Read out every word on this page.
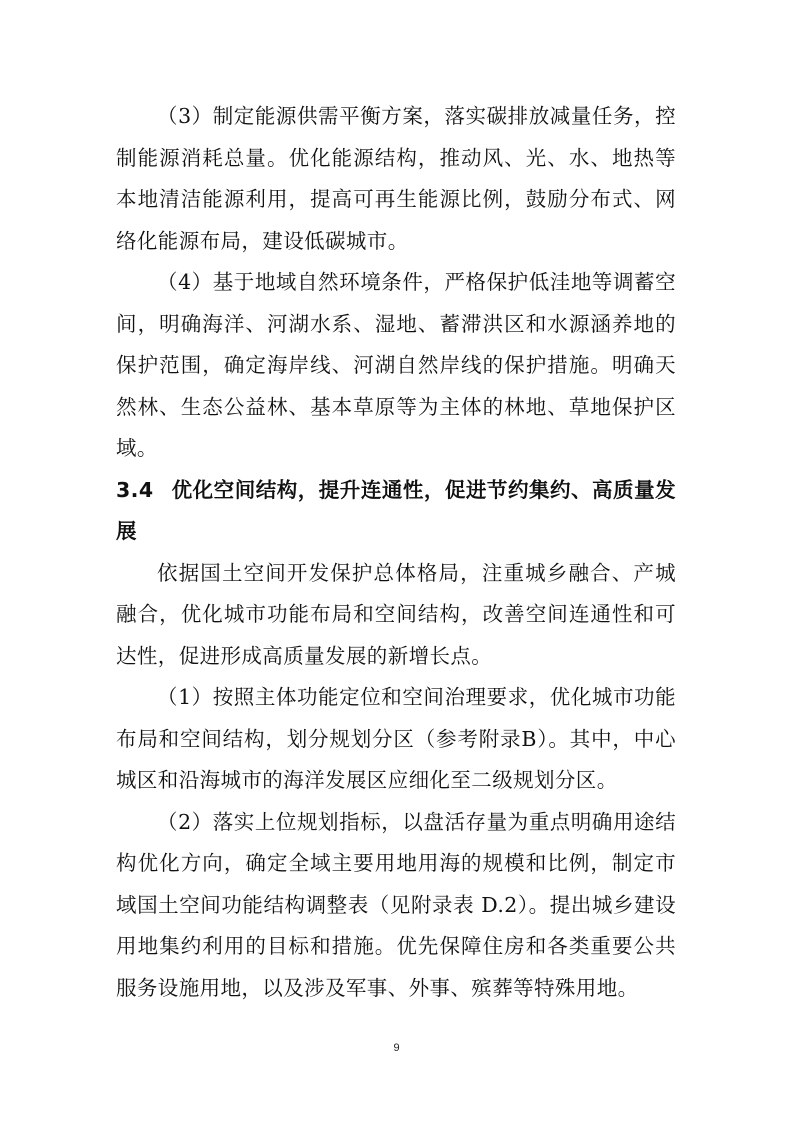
（3）制定能源供需平衡方案，落实碳排放减量任务，控制能源消耗总量。优化能源结构，推动风、光、水、地热等本地清洁能源利用，提高可再生能源比例，鼓励分布式、网络化能源布局，建设低碳城市。

（4）基于地域自然环境条件，严格保护低洼地等调蓄空间，明确海洋、河湖水系、湿地、蓄滞洪区和水源涵养地的保护范围，确定海岸线、河湖自然岸线的保护措施。明确天然林、生态公益林、基本草原等为主体的林地、草地保护区域。

3.4 优化空间结构，提升连通性，促进节约集约、高质量发展

依据国土空间开发保护总体格局，注重城乡融合、产城融合，优化城市功能布局和空间结构，改善空间连通性和可达性，促进形成高质量发展的新增长点。

（1）按照主体功能定位和空间治理要求，优化城市功能布局和空间结构，划分规划分区（参考附录B）。其中，中心城区和沿海城市的海洋发展区应细化至二级规划分区。

（2）落实上位规划指标，以盘活存量为重点明确用途结构优化方向，确定全域主要用地用海的规模和比例，制定市域国土空间功能结构调整表（见附录表 D.2）。提出城乡建设用地集约利用的目标和措施。优先保障住房和各类重要公共服务设施用地，以及涉及军事、外事、殡葬等特殊用地。

9
